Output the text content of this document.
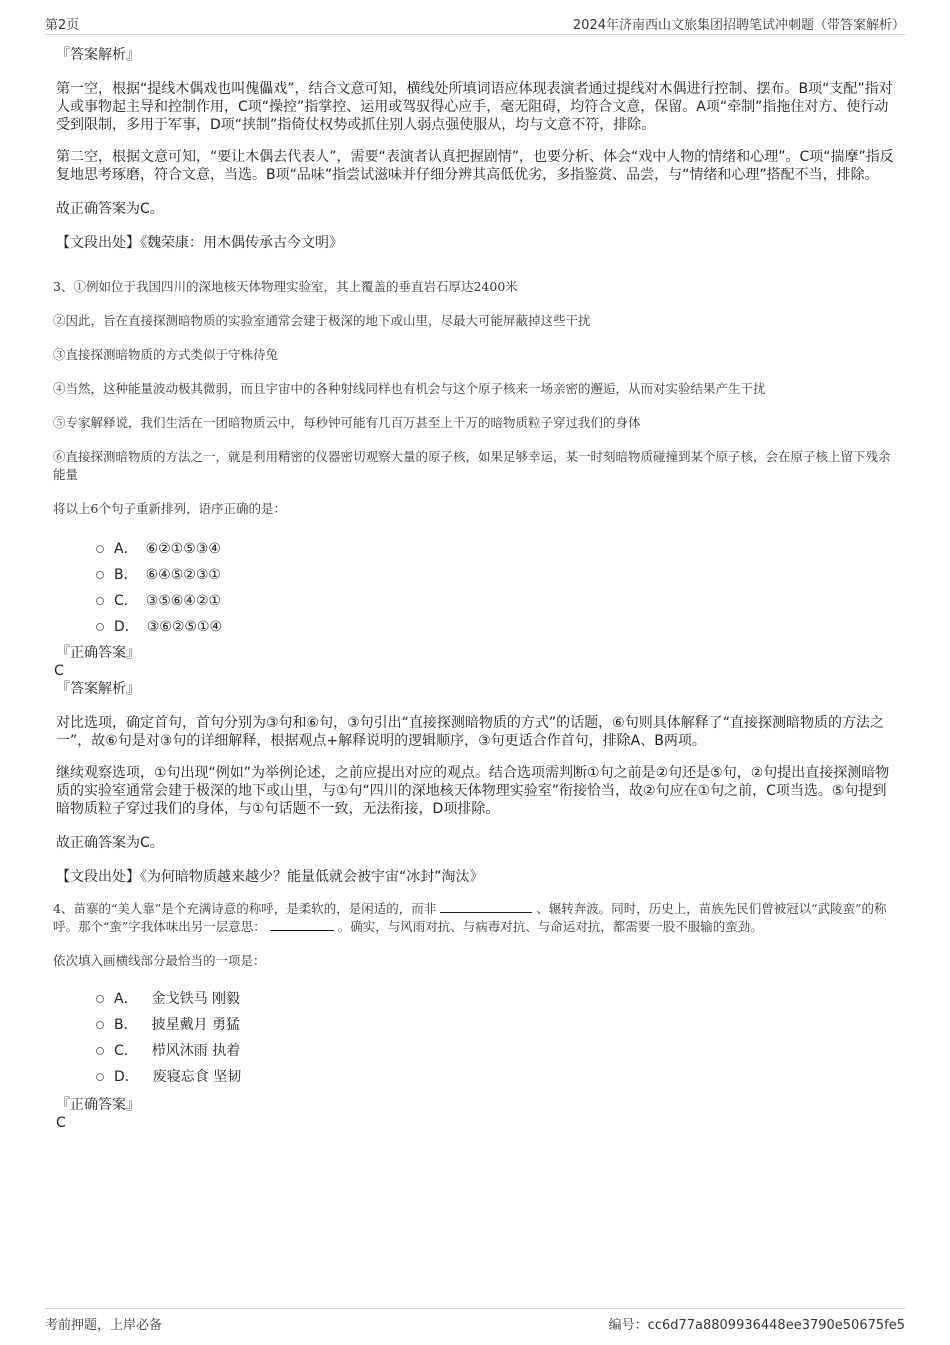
第2页	2024年济南西山文旅集团招聘笔试冲刺题（带答案解析）
『答案解析』

第一空，根据“提线木偶戏也叫傀儡戏”，结合文意可知，横线处所填词语应体现表演者通过提线对木偶进行控制、摆布。B项“支配”指对人或事物起主导和控制作用，C项“操控”指掌控、运用或驾驭得心应手，毫无阻碍，均符合文意，保留。A项“牵制”指拖住对方、使行动受到限制，多用于军事，D项“挟制”指倚仗权势或抓住别人弱点强使服从，均与文意不符，排除。

第二空，根据文意可知，“要让木偶去代表人”，需要“表演者认真把握剧情”，也要分析、体会“戏中人物的情绪和心理”。C项“揣摩”指反复地思考琢磨，符合文意，当选。B项“品味”指尝试滋味并仔细分辨其高低优劣，多指鉴赏、品尝，与“情绪和心理”搭配不当，排除。

故正确答案为C。

【文段出处】《魏荣康：用木偶传承古今文明》

3、①例如位于我国四川的深地核天体物理实验室，其上覆盖的垂直岩石厚达2400米

②因此，旨在直接探测暗物质的实验室通常会建于极深的地下或山里，尽最大可能屏蔽掉这些干扰

③直接探测暗物质的方式类似于守株待兔

④当然，这种能量波动极其微弱，而且宇宙中的各种射线同样也有机会与这个原子核来一场亲密的邂逅，从而对实验结果产生干扰

⑤专家解释说，我们生活在一团暗物质云中，每秒钟可能有几百万甚至上千万的暗物质粒子穿过我们的身体

⑥直接探测暗物质的方法之一，就是利用精密的仪器密切观察大量的原子核，如果足够幸运，某一时刻暗物质碰撞到某个原子核，会在原子核上留下残余能量

将以上6个句子重新排列，语序正确的是：

A． ⑥②①⑤③④
B． ⑥④⑤②③①
C． ③⑤⑥④②①
D． ③⑥②⑤①④
『正确答案』
C
『答案解析』

对比选项，确定首句，首句分别为③句和⑥句，③句引出“直接探测暗物质的方式”的话题，⑥句则具体解释了“直接探测暗物质的方法之一”，故⑥句是对③句的详细解释，根据观点+解释说明的逻辑顺序，③句更适合作首句，排除A、B两项。

继续观察选项，①句出现“例如”为举例论述，之前应提出对应的观点。结合选项需判断①句之前是②句还是⑤句，②句提出直接探测暗物质的实验室通常会建于极深的地下或山里，与①句“四川的深地核天体物理实验室”衔接恰当，故②句应在①句之前，C项当选。⑤句提到暗物质粒子穿过我们的身体，与①句话题不一致，无法衔接，D项排除。

故正确答案为C。

【文段出处】《为何暗物质越来越少？能量低就会被宇宙“冰封”淘汰》

4、苗寨的“美人靠”是个充满诗意的称呼，是柔软的，是闲适的，而非	、辗转奔波。同时，历史上，苗族先民们曾被冠以“武陵蛮”的称呼。那个“蛮”字我体味出另一层意思：	。确实，与风雨对抗、与病毒对抗、与命运对抗，都需要一股不服输的蛮劲。

依次填入画横线部分最恰当的一项是：

A． 金戈铁马 刚毅
B． 披星戴月 勇猛
C． 栉风沐雨 执着
D． 废寝忘食 坚韧
『正确答案』
C
考前押题，上岸必备	编号：cc6d77a8809936448ee3790e50675fe5
